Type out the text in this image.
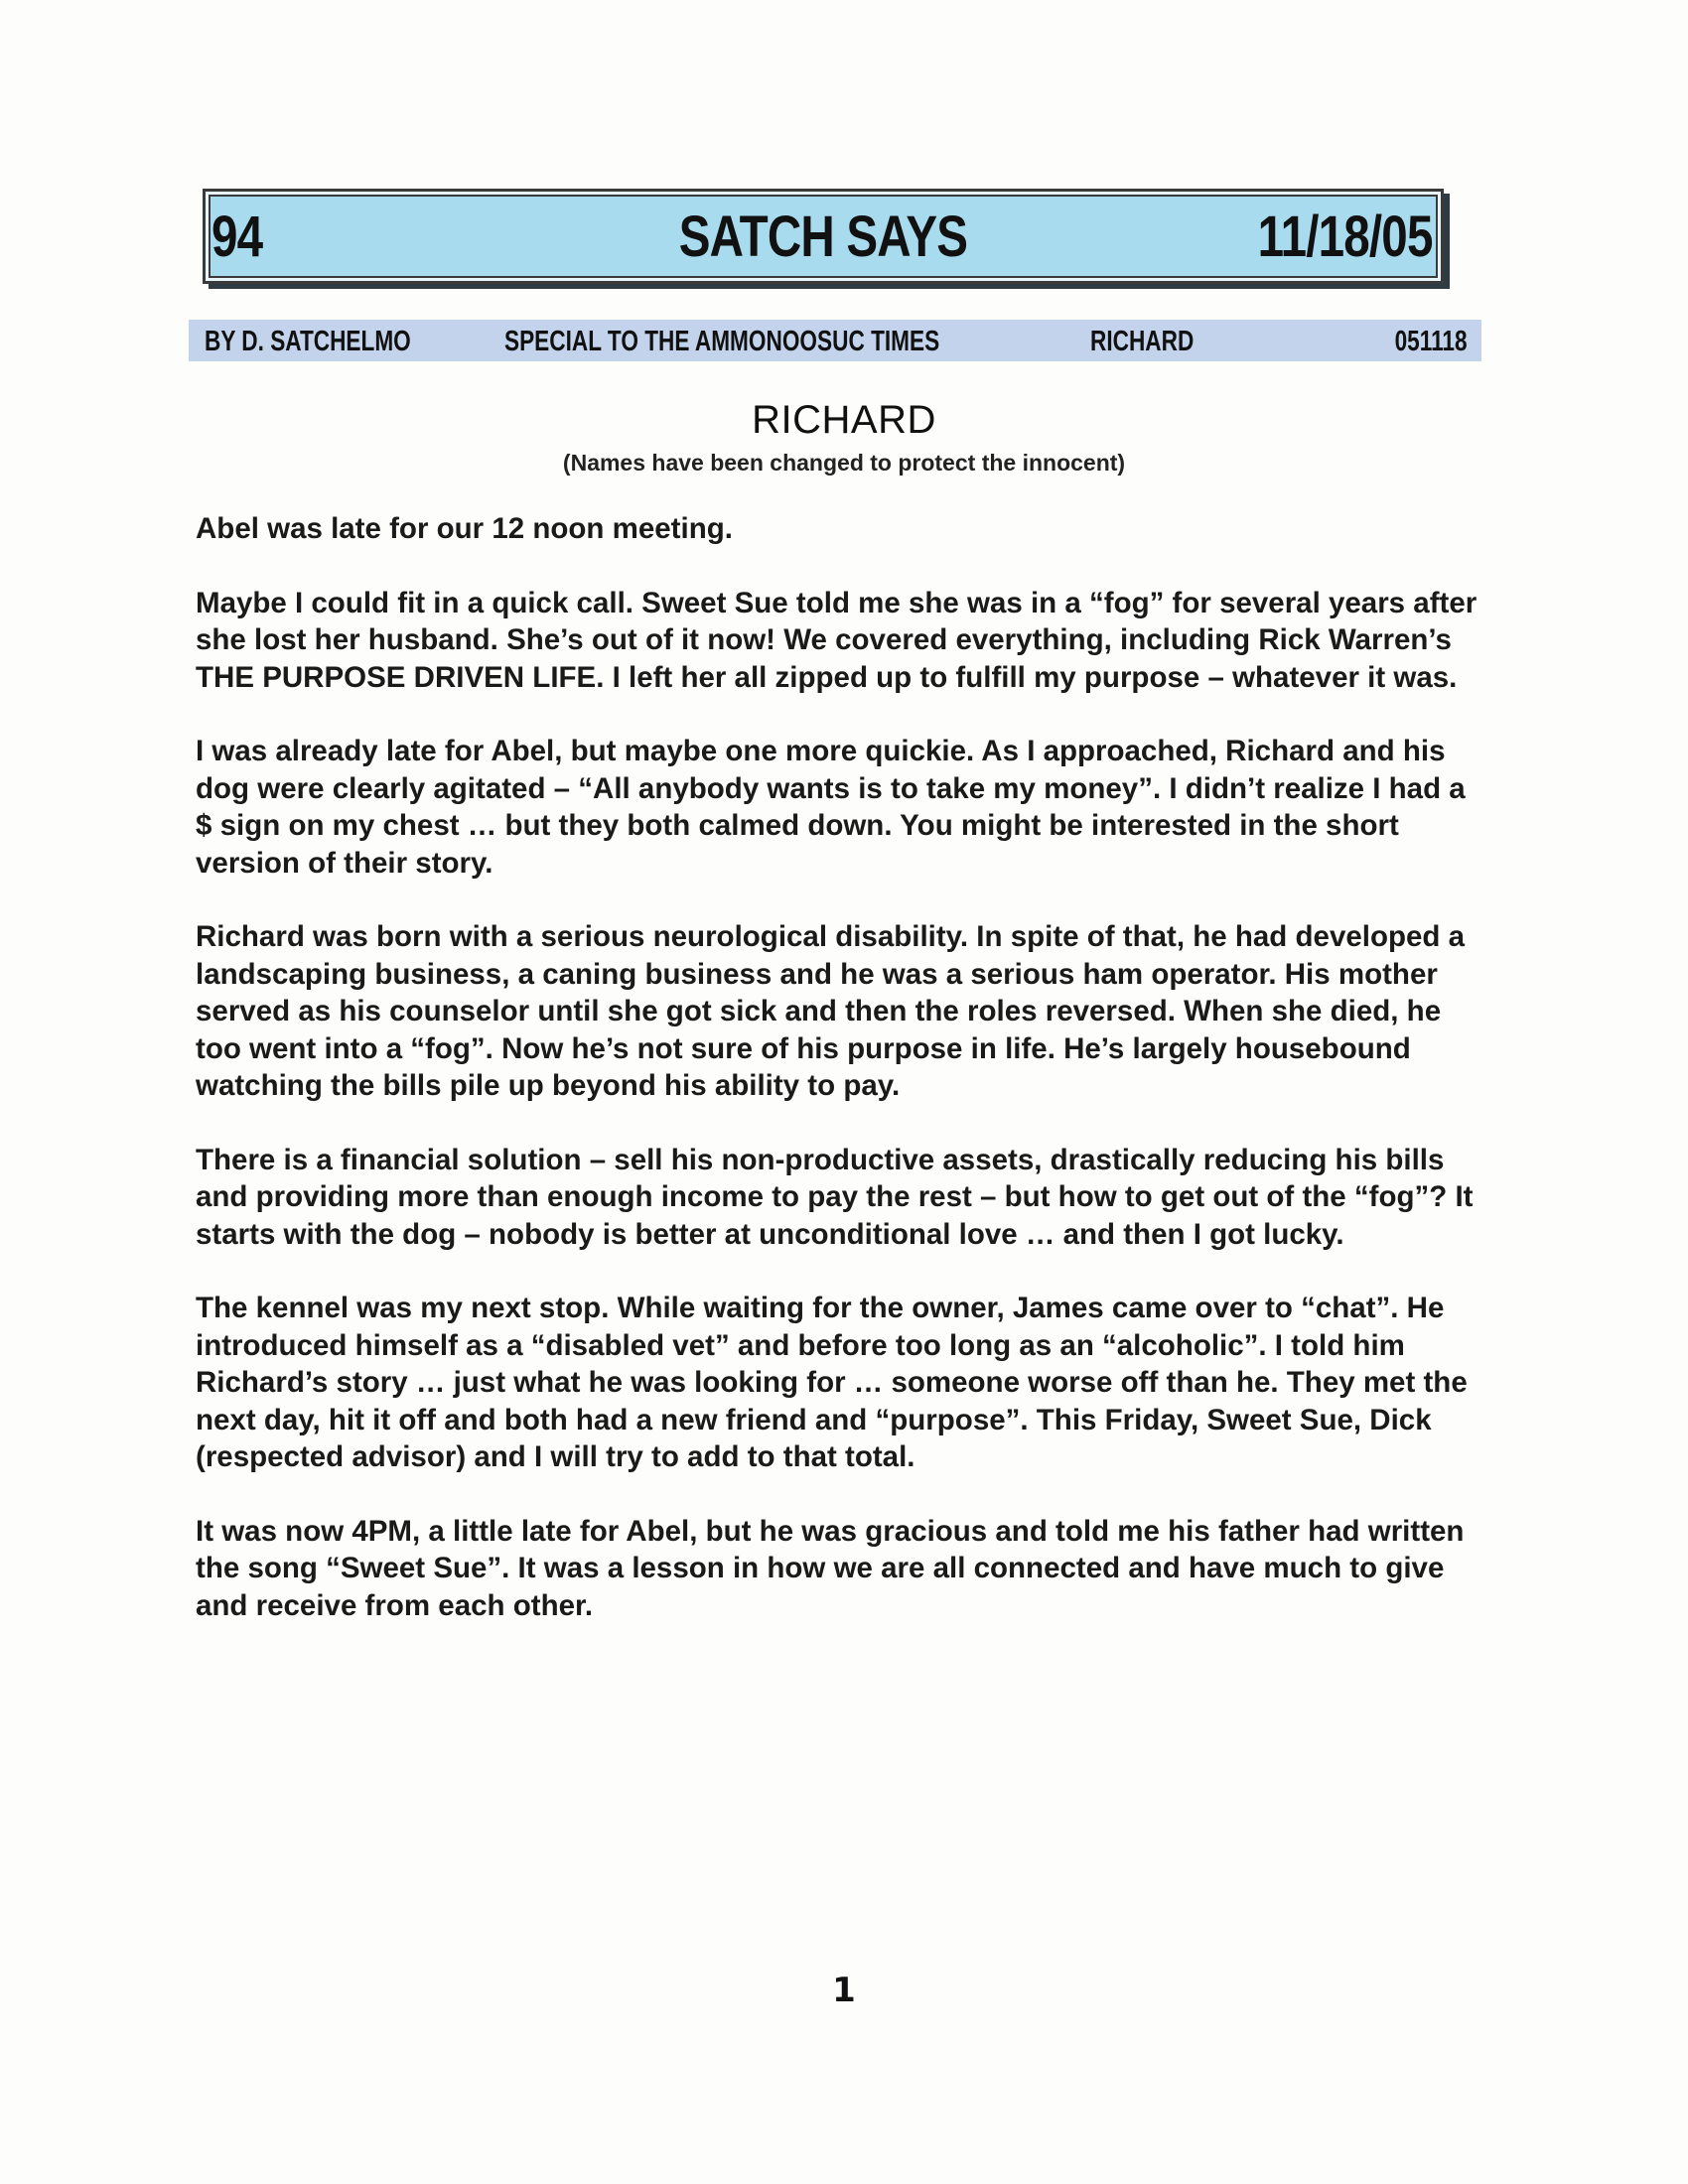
94	SATCH SAYS	11/18/05
BY D. SATCHELMO	SPECIAL TO THE AMMONOOSUC TIMES	RICHARD	051118
RICHARD
(Names have been changed to protect the innocent)

Abel was late for our 12 noon meeting.

Maybe I could fit in a quick call. Sweet Sue told me she was in a “fog” for several years after she lost her husband. She’s out of it now! We covered everything, including Rick Warren’s THE PURPOSE DRIVEN LIFE. I left her all zipped up to fulfill my purpose – whatever it was.

I was already late for Abel, but maybe one more quickie. As I approached, Richard and his dog were clearly agitated – “All anybody wants is to take my money”. I didn’t realize I had a $ sign on my chest … but they both calmed down. You might be interested in the short version of their story.

Richard was born with a serious neurological disability. In spite of that, he had developed a landscaping business, a caning business and he was a serious ham operator. His mother served as his counselor until she got sick and then the roles reversed. When she died, he too went into a “fog”. Now he’s not sure of his purpose in life. He’s largely housebound watching the bills pile up beyond his ability to pay.

There is a financial solution – sell his non-productive assets, drastically reducing his bills and providing more than enough income to pay the rest – but how to get out of the “fog”? It starts with the dog – nobody is better at unconditional love … and then I got lucky.

The kennel was my next stop. While waiting for the owner, James came over to “chat”. He introduced himself as a “disabled vet” and before too long as an “alcoholic”. I told him Richard’s story … just what he was looking for … someone worse off than he. They met the next day, hit it off and both had a new friend and “purpose”. This Friday, Sweet Sue, Dick (respected advisor) and I will try to add to that total.

It was now 4PM, a little late for Abel, but he was gracious and told me his father had written the song “Sweet Sue”. It was a lesson in how we are all connected and have much to give and receive from each other.

1
